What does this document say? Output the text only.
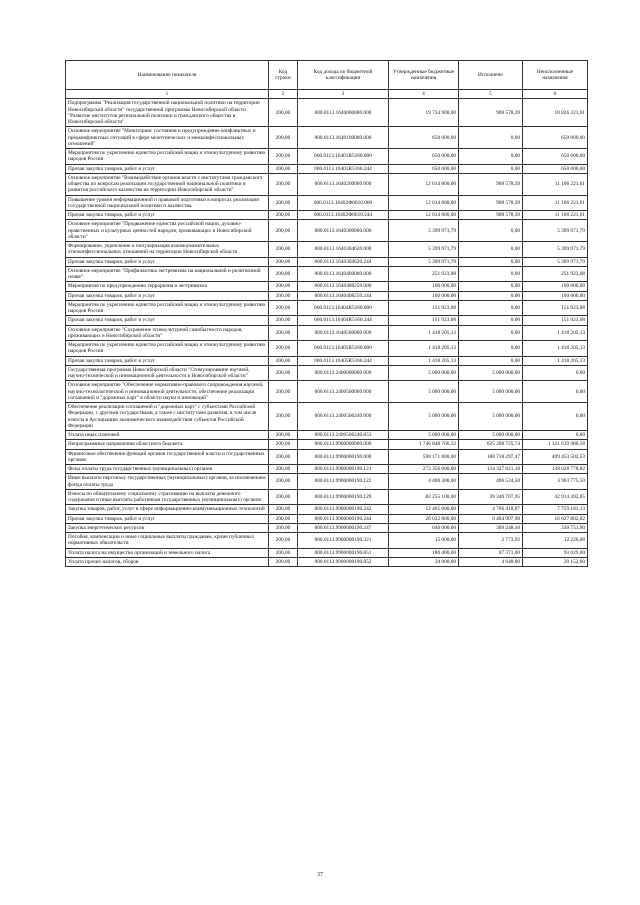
Наименование показателя	Код строки	Код дохода по бюджетной классификации	Утвержденные бюджетные назначения	Исполнено	Неисполненные назначения
1	2	3	4	5	6
Подпрограмма "Реализация государственной национальной политики на территории Новосибирской области" государственной программы Новосибирской области "Развитие институтов региональной политики и гражданского общества в Новосибирской области"	200,00	000.0113.1640000000.000	19 734 900,00	908 578,39	18 826 321,61
Основное мероприятие "Мониторинг состояния и предупреждение конфликтных и предконфликтных ситуаций в сфере межэтнических и межконфессиональных отношений"	200,00	000.0113.1640100000.000	650 000,00	0,00	650 000,00
Мероприятия по укреплению единства российской нации и этнокультурному развитию народов России	200,00	000.0113.16401R5160.000	650 000,00	0,00	650 000,00
Прочая закупка товаров, работ и услуг	200,00	000.0113.16401R5160.244	650 000,00	0,00	650 000,00
Основное мероприятие "Взаимодействие органов власти с институтами гражданского общества по вопросам реализации государственной национальной политики и развития российского казачества на территории Новосибирской области"	200,00	000.0113.1640200000.000	12 014 800,00	908 578,39	11 106 221,61
Повышение уровня информационной и правовой подготовки в вопросах реализации государственной национальной политики и казачества.	200,00	000.0113.16402Ф0610.000	12 014 800,00	908 578,39	11 106 221,61
Прочая закупка товаров, работ и услуг	200,00	000.0113.16402Ф0610.244	12 014 800,00	908 578,39	11 106 221,61
Основное мероприятие "Продвижение единства российской нации, духовно-нравственных и культурных ценностей народов, проживающих в Новосибирской области"	200,00	000.0113.1640300000.000	5 399 971,79	0,00	5 399 971,79
Формирование, укрепление и популяризация взаимоуважительных этноконфессиональных отношений на территории Новосибирской области	200,00	000.0113.1640304620.000	5 399 971,79	0,00	5 399 971,79
Прочая закупка товаров, работ и услуг	200,00	000.0113.1640304620.244	5 399 971,79	0,00	5 399 971,79
Основное мероприятие "Профилактика экстремизма на национальной и религиозной почве"	200,00	000.0113.1640400000.000	251 923,08	0,00	251 923,08
Мероприятия по предупреждению терроризма и экстремизма	200,00	000.0113.1640408250.000	100 000,00	0,00	100 000,00
Прочая закупка товаров, работ и услуг	200,00	000.0113.1640408250.244	100 000,00	0,00	100 000,00
Мероприятия по укреплению единства российской нации и этнокультурному развитию народов России	200,00	000.0113.16404R5160.000	151 923,08	0,00	151 923,08
Прочая закупка товаров, работ и услуг	200,00	000.0113.16404R5160.244	151 923,08	0,00	151 923,08
Основное мероприятие "Сохранение этнокультурной самобытности народов, проживающих в Новосибирской области"	200,00	000.0113.1640500000.000	1 418 205,13	0,00	1 418 205,13
Мероприятия по укреплению единства российской нации и этнокультурному развитию народов России	200,00	000.0113.16405R5160.000	1 418 205,13	0,00	1 418 205,13
Прочая закупка товаров, работ и услуг	200,00	000.0113.16405R5160.244	1 418 205,13	0,00	1 418 205,13
Государственная программа Новосибирской области "Стимулирование научной, научно-технической и инновационной деятельности в Новосибирской области"	200,00	000.0113.2400000000.000	5 000 000,00	5 000 000,00	0,00
Основное мероприятие "Обеспечение нормативно-правового сопровождения научной, научно-технологической и инновационной деятельности, обеспечение реализации соглашений и "дорожных карт" в области науки и инноваций"	200,00	000.0113.2400500000.000	5 000 000,00	5 000 000,00	0,00
Обеспечение реализации соглашений и "дорожных карт" с субъектами Российской Федерации, с другими государствами, а также с институтами развития, в том числе взносы в Ассоциацию экономического взаимодействия субъектов Российской Федерации	200,00	000.0113.2400506240.000	5 000 000,00	5 000 000,00	0,00
Уплата иных платежей	200,00	000.0113.2400506240.853	5 000 000,00	5 000 000,00	0,00
Непрограммные направления областного бюджета	200,00	000.0113.9900000000.000	1 746 848 706,32	625 208 725,74	1 121 639 980,58
Финансовое обеспечение функций органов государственной власти и государственных органов	200,00	000.0113.9900000190.000	598 171 800,00	188 718 297,47	409 453 502,53
Фонд оплаты труда государственных (муниципальных) органов	200,00	000.0113.9900000190.121	272 356 600,00	134 327 821,18	138 028 778,82
Иные выплаты персоналу государственных (муниципальных) органов, за исключением фонда оплаты труда	200,00	000.0113.9900000190.122	4 400 300,00	496 524,50	3 903 775,50
Взносы по обязательному социальному страхованию на выплаты денежного содержания и иные выплаты работникам государственных (муниципальных) органов	200,00	000.0113.9900000190.129	82 255 100,00	39 340 707,95	42 914 392,05
Закупка товаров, работ, услуг в сфере информационно-коммуникационных технологий	200,00	000.0113.9900000190.242	12 465 600,00	4 706 418,87	7 759 181,13
Прочая закупка товаров, работ и услуг	200,00	000.0113.9900000190.244	26 032 800,00	9 404 997,98	16 627 802,02
Закупка энергетических ресурсов	200,00	000.0113.9900000190.247	640 000,00	309 248,10	330 751,90
Пособия, компенсации и иные социальные выплаты гражданам, кроме публичных нормативных обязательств	200,00	000.0113.9900000190.321	15 000,00	2 773,92	12 226,08
Уплата налога на имущество организаций и земельного налога	200,00	000.0113.9900000190.851	180 400,00	87 371,00	93 029,00
Уплата прочих налогов, сборов	200,00	000.0113.9900000190.852	24 800,00	4 648,00	20 152,00
37
